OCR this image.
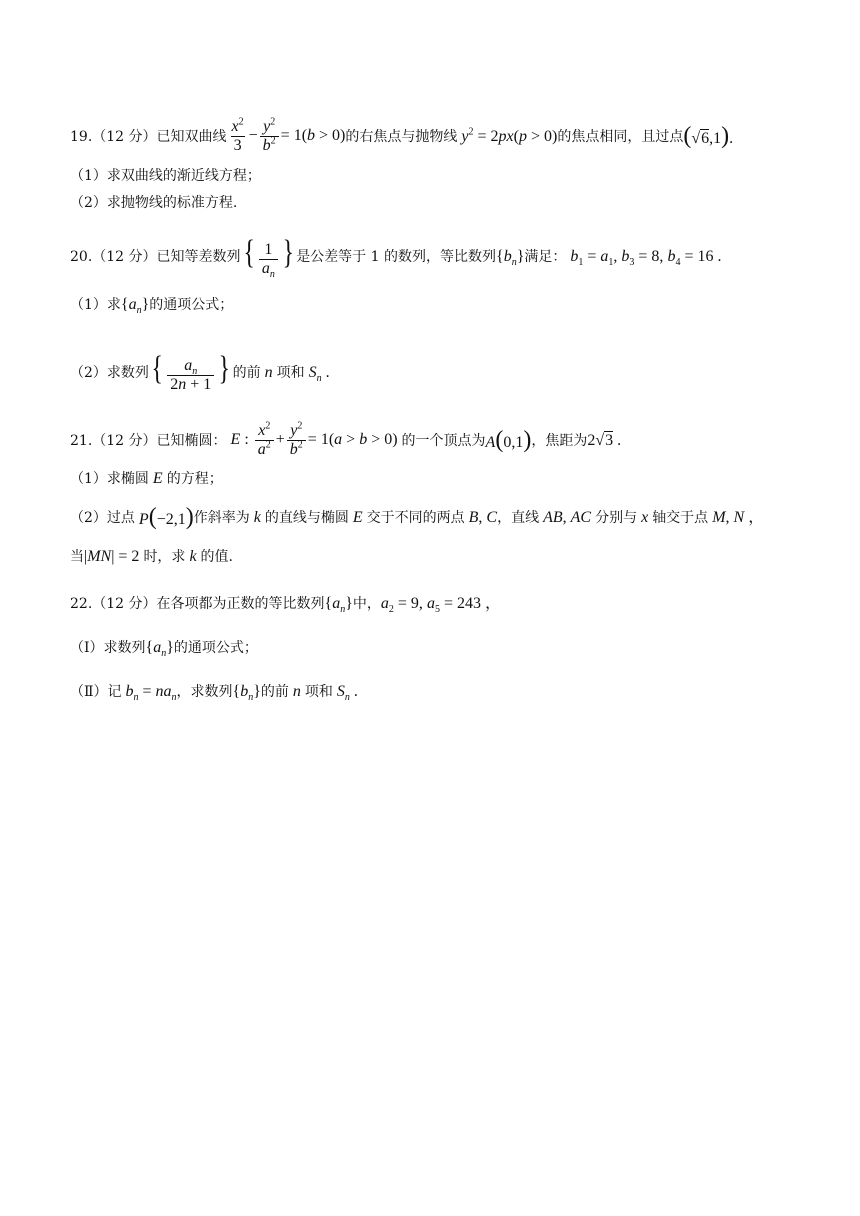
19. （12 分） 已知双曲线 $\frac{x^2}{3} - \frac{y^2}{b^2} = 1(b > 0)$ 的右焦点与抛物线 $y^2 = 2px(p > 0)$ 的焦点相同，且过点 (√6,1).
（1）求双曲线的渐近线方程；
（2）求抛物线的标准方程.
20. （12 分） 已知等差数列 { $\frac{1}{a_n}$ } 是公差等于 1 的数列，等比数列 $\{b_n\}$ 满足： $b_1 = a_1$, $b_3 = 8$, $b_4 = 16$ .
（1）求 $\{a_n\}$ 的通项公式；
（2）求数列 { $\frac{a_n}{2n + 1}$ } 的前 n 项和 $S_n$ .
21. （12 分） 已知椭圆： E : $\frac{x^2}{a^2} + \frac{y^2}{b^2} = 1(a > b > 0)$ 的一个顶点为 A(0,1) ，焦距为 2√3 .
（1）求椭圆 E 的方程；
（2）过点 P(−2,1) 作斜率为 k 的直线与椭圆 E 交于不同的两点 B, C ，直线 AB, AC 分别与 x 轴交于点 M, N ，
当 |MN| = 2 时，求 k 的值.
22. （12 分） 在各项都为正数的等比数列 $\{a_n\}$ 中， $a_2 = 9$, $a_5 = 243$ ，
（Ⅰ）求数列 $\{a_n\}$ 的通项公式；
（Ⅱ）记 $b_n = na_n$ ，求数列 $\{b_n\}$ 的前 n 项和 $S_n$ .
